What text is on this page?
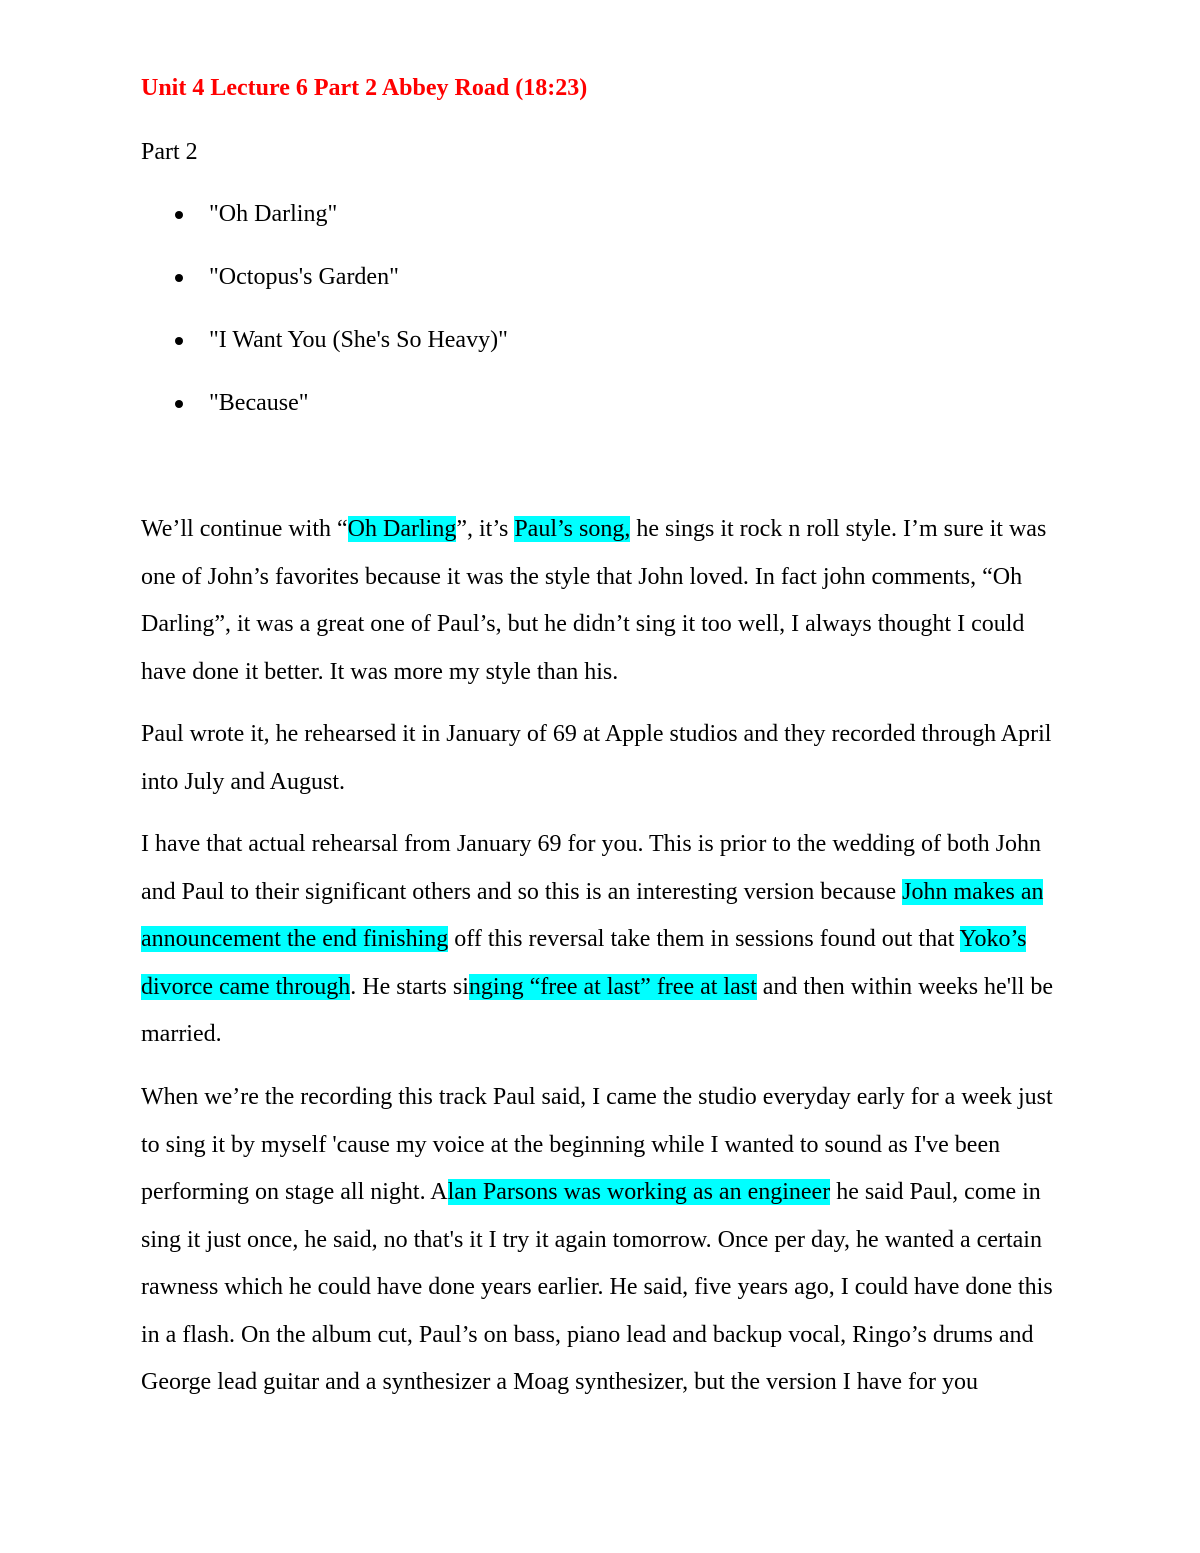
Unit 4 Lecture 6 Part 2 Abbey Road (18:23)
Part 2
"Oh Darling"
"Octopus's Garden"
"I Want You (She's So Heavy)"
"Because"

We’ll continue with “Oh Darling”, it’s Paul’s song, he sings it rock n roll style. I’m sure it was one of John’s favorites because it was the style that John loved. In fact john comments, “Oh Darling”, it was a great one of Paul’s, but he didn’t sing it too well, I always thought I could have done it better. It was more my style than his.

Paul wrote it, he rehearsed it in January of 69 at Apple studios and they recorded through April into July and August.

I have that actual rehearsal from January 69 for you. This is prior to the wedding of both John and Paul to their significant others and so this is an interesting version because John makes an announcement the end finishing off this reversal take them in sessions found out that Yoko’s divorce came through. He starts singing “free at last” free at last and then within weeks he'll be married.

When we’re the recording this track Paul said, I came the studio everyday early for a week just to sing it by myself 'cause my voice at the beginning while I wanted to sound as I've been performing on stage all night. Alan Parsons was working as an engineer he said Paul, come in sing it just once, he said, no that's it I try it again tomorrow. Once per day, he wanted a certain rawness which he could have done years earlier. He said, five years ago, I could have done this in a flash. On the album cut, Paul’s on bass, piano lead and backup vocal, Ringo’s drums and George lead guitar and a synthesizer a Moag synthesizer, but the version I have for you
